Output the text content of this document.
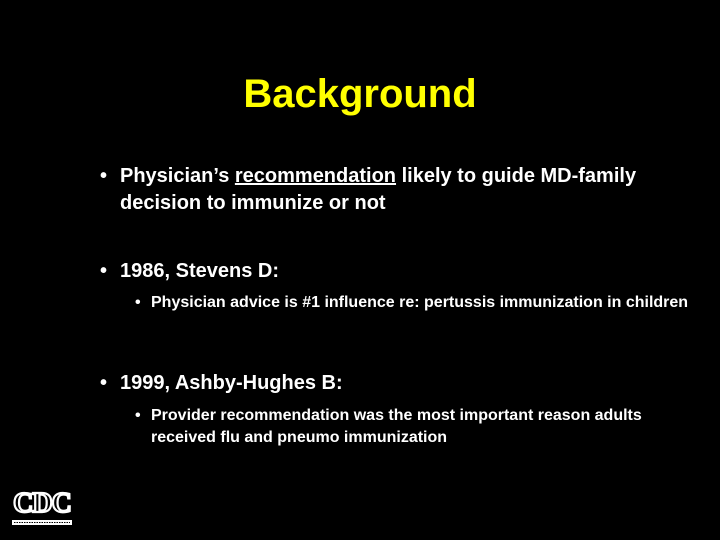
Background
• Physician’s recommendation likely to guide MD-family decision to immunize or not
• 1986, Stevens D:
• Physician advice is #1 influence re: pertussis immunization in children
• 1999, Ashby-Hughes B:
• Provider recommendation was the most important reason adults received flu and pneumo immunization
CDC
